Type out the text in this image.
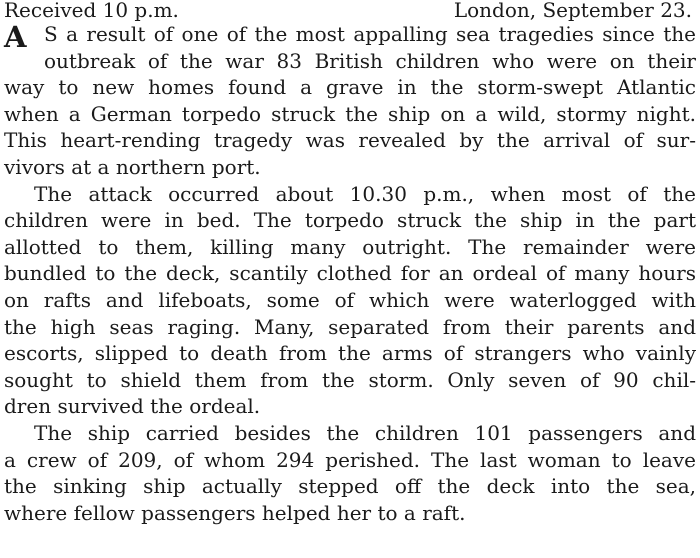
Received 10 p.m.	London, September 23.
A S a result of one of the most appalling sea tragedies since the
outbreak of the war 83 British children who were on their
way to new homes found a grave in the storm-swept Atlantic
when a German torpedo struck the ship on a wild, stormy night.
This heart-rending tragedy was revealed by the arrival of sur-
vivors at a northern port.
The attack occurred about 10.30 p.m., when most of the
children were in bed. The torpedo struck the ship in the part
allotted to them, killing many outright. The remainder were
bundled to the deck, scantily clothed for an ordeal of many hours
on rafts and lifeboats, some of which were waterlogged with
the high seas raging. Many, separated from their parents and
escorts, slipped to death from the arms of strangers who vainly
sought to shield them from the storm. Only seven of 90 chil-
dren survived the ordeal.
The ship carried besides the children 101 passengers and
a crew of 209, of whom 294 perished. The last woman to leave
the sinking ship actually stepped off the deck into the sea,
where fellow passengers helped her to a raft.
